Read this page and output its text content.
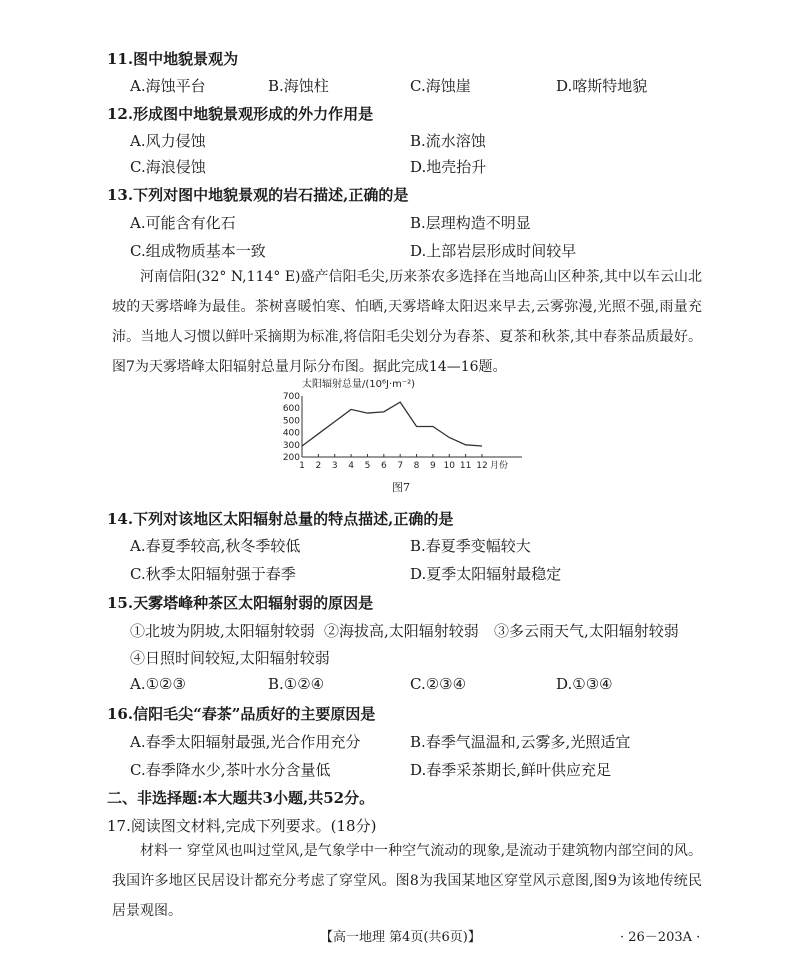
11.图中地貌景观为
A.海蚀平台	B.海蚀柱	C.海蚀崖	D.喀斯特地貌
12.形成图中地貌景观形成的外力作用是
A.风力侵蚀	B.流水溶蚀
C.海浪侵蚀	D.地壳抬升
13.下列对图中地貌景观的岩石描述,正确的是
A.可能含有化石	B.层理构造不明显
C.组成物质基本一致	D.上部岩层形成时间较早
河南信阳(32° N,114° E)盛产信阳毛尖,历来茶农多选择在当地高山区种茶,其中以车云山北坡的天雾塔峰为最佳。茶树喜暖怕寒、怕晒,天雾塔峰太阳迟来早去,云雾弥漫,光照不强,雨量充沛。当地人习惯以鲜叶采摘期为标准,将信阳毛尖划分为春茶、夏茶和秋茶,其中春茶品质最好。图7为天雾塔峰太阳辐射总量月际分布图。据此完成14—16题。
太阳辐射总量/(10⁶J·m⁻²)
200
300
400
500
600
700
1 2 3 4 5 6 7 8 9 10 11 12 月份
图7
14.下列对该地区太阳辐射总量的特点描述,正确的是
A.春夏季较高,秋冬季较低	B.春夏季变幅较大
C.秋季太阳辐射强于春季	D.夏季太阳辐射最稳定
15.天雾塔峰种茶区太阳辐射弱的原因是
①北坡为阴坡,太阳辐射较弱 ②海拔高,太阳辐射较弱 ③多云雨天气,太阳辐射较弱
④日照时间较短,太阳辐射较弱
A.①②③	B.①②④	C.②③④	D.①③④
16.信阳毛尖“春茶”品质好的主要原因是
A.春季太阳辐射最强,光合作用充分	B.春季气温温和,云雾多,光照适宜
C.春季降水少,茶叶水分含量低	D.春季采茶期长,鲜叶供应充足
二、非选择题:本大题共3小题,共52分。
17.阅读图文材料,完成下列要求。(18分)
材料一 穿堂风也叫过堂风,是气象学中一种空气流动的现象,是流动于建筑物内部空间的风。我国许多地区民居设计都充分考虑了穿堂风。图8为我国某地区穿堂风示意图,图9为该地传统民居景观图。
【高一地理 第4页(共6页)】	· 26－203A ·
